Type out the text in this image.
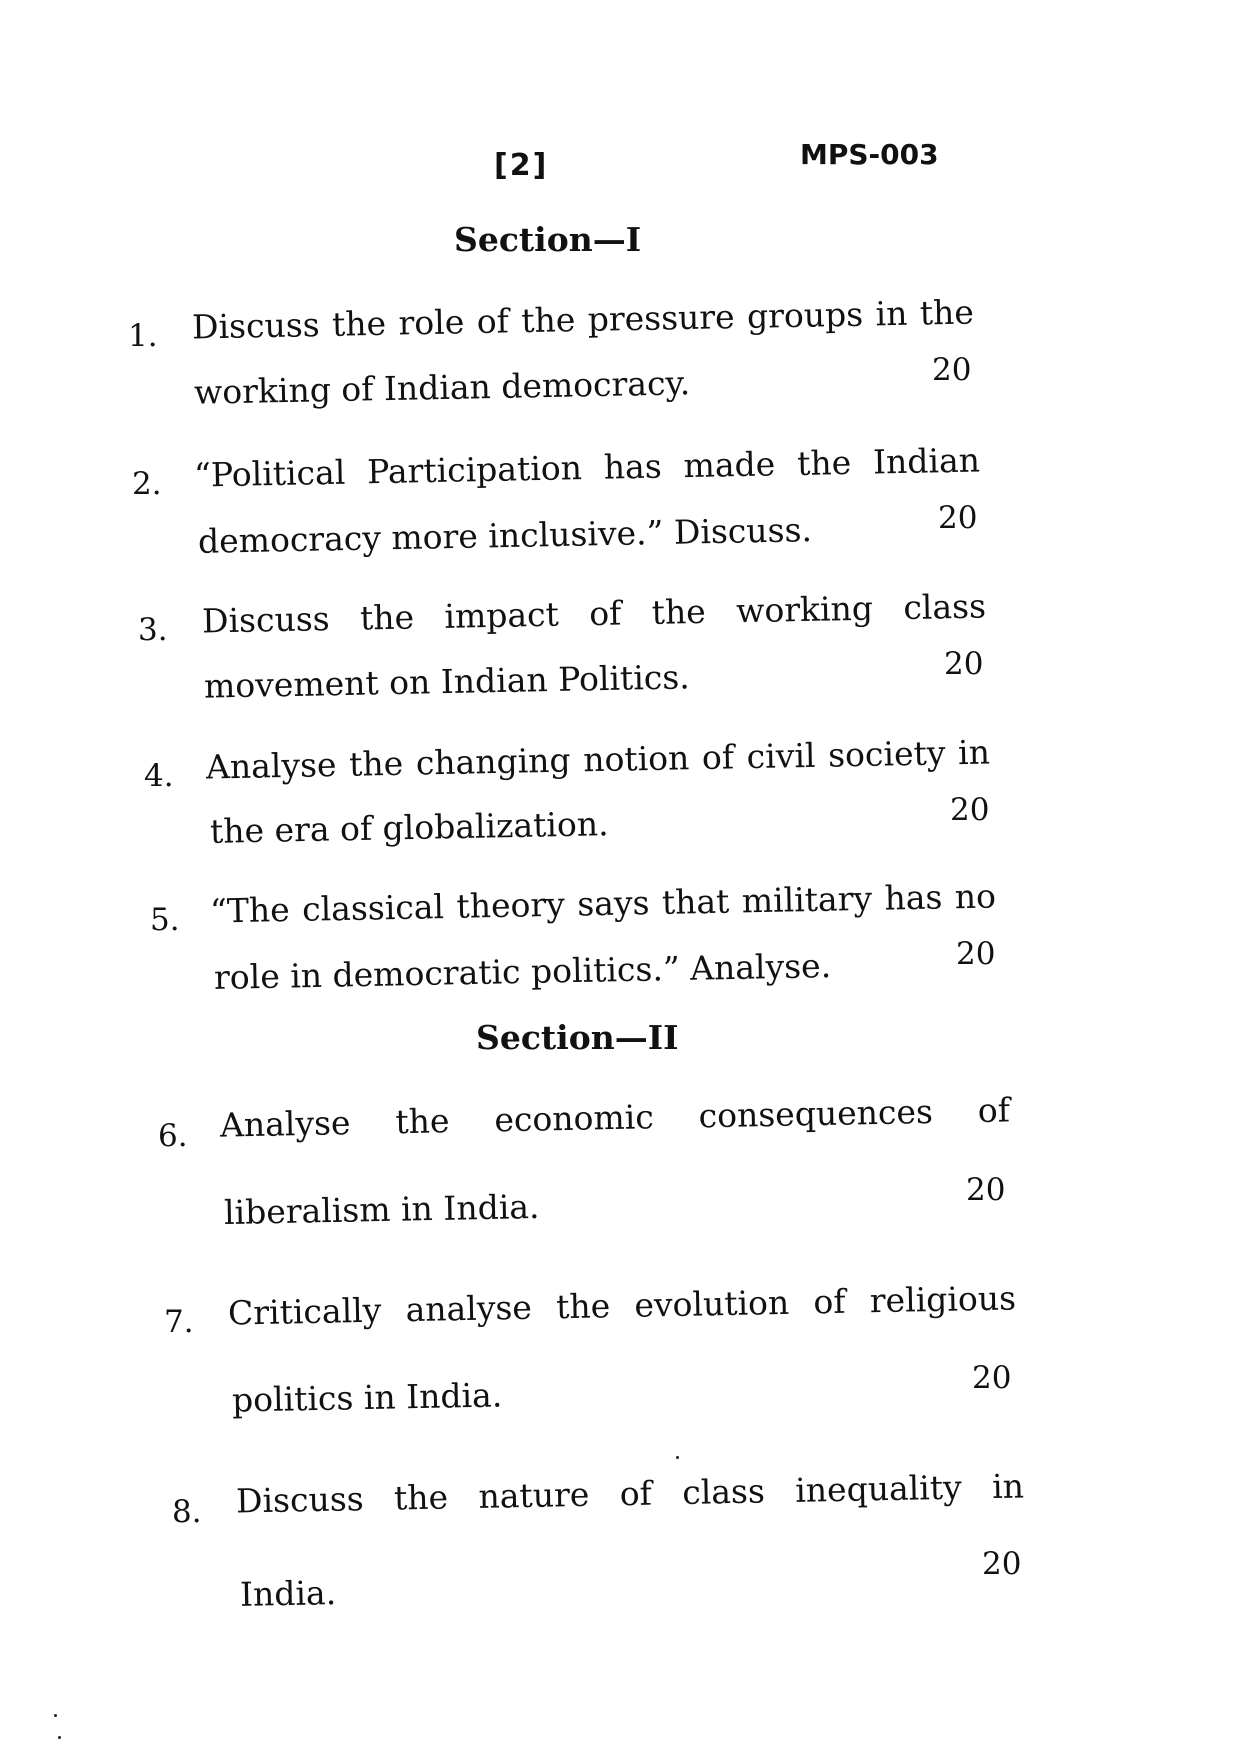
[2]	MPS-003
Section—I
1. Discuss the role of the pressure groups in the
working of Indian democracy.	20
2. “Political Participation has made the Indian
democracy more inclusive.” Discuss.	20
3. Discuss the impact of the working class
movement on Indian Politics.	20
4. Analyse the changing notion of civil society in
the era of globalization.	20
5. “The classical theory says that military has no
role in democratic politics.” Analyse.	20
Section—II
6. Analyse the economic consequences of
liberalism in India.	20
7. Critically analyse the evolution of religious
politics in India.	20
8. Discuss the nature of class inequality in
India.
20
